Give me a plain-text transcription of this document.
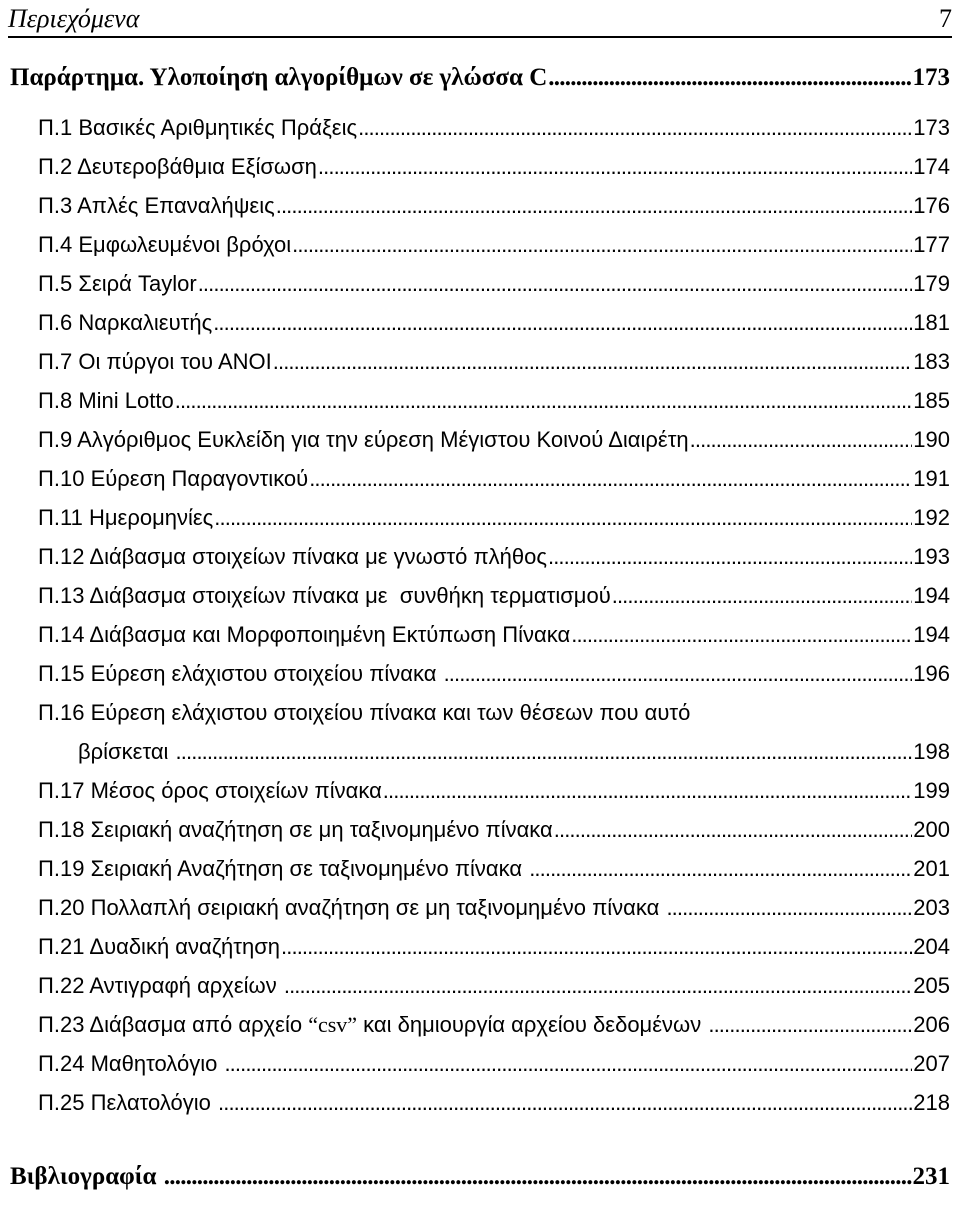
Περιεχόμενα	7
Παράρτημα. Υλοποίηση αλγορίθμων σε γλώσσα C . . .	173
Π.1 Βασικές Αριθμητικές Πράξεις . . .	173
Π.2 Δευτεροβάθμια Εξίσωση . . .	174
Π.3 Απλές Επαναλήψεις . . .	176
Π.4 Εμφωλευμένοι βρόχοι . . .	177
Π.5 Σειρά Taylor . . .	179
Π.6 Ναρκαλιευτής . . .	181
Π.7 Οι πύργοι του ΑΝΟΙ . . .	183
Π.8 Mini Lotto . . .	185
Π.9 Αλγόριθμος Ευκλείδη για την εύρεση Μέγιστου Κοινού Διαιρέτη . . .	190
Π.10 Εύρεση Παραγοντικού . . .	191
Π.11 Ημερομηνίες . . .	192
Π.12 Διάβασμα στοιχείων πίνακα με γνωστό πλήθος . . .	193
Π.13 Διάβασμα στοιχείων πίνακα με  συνθήκη τερματισμού . . .	194
Π.14 Διάβασμα και Μορφοποιημένη Εκτύπωση Πίνακα . . .	194
Π.15 Εύρεση ελάχιστου στοιχείου πίνακα . . .	196
Π.16 Εύρεση ελάχιστου στοιχείου πίνακα και των θέσεων που αυτό
βρίσκεται . . .	198
Π.17 Μέσος όρος στοιχείων πίνακα . . .	199
Π.18 Σειριακή αναζήτηση σε μη ταξινομημένο πίνακα . . .	200
Π.19 Σειριακή Αναζήτηση σε ταξινομημένο πίνακα . . .	201
Π.20 Πολλαπλή σειριακή αναζήτηση σε μη ταξινομημένο πίνακα . . .	203
Π.21 Δυαδική αναζήτηση . . .	204
Π.22 Αντιγραφή αρχείων . . .	205
Π.23 Διάβασμα από αρχείο “csv” και δημιουργία αρχείου δεδομένων . . .	206
Π.24 Μαθητολόγιο . . .	207
Π.25 Πελατολόγιο . . .	218
Βιβλιογραφία . . .	231
